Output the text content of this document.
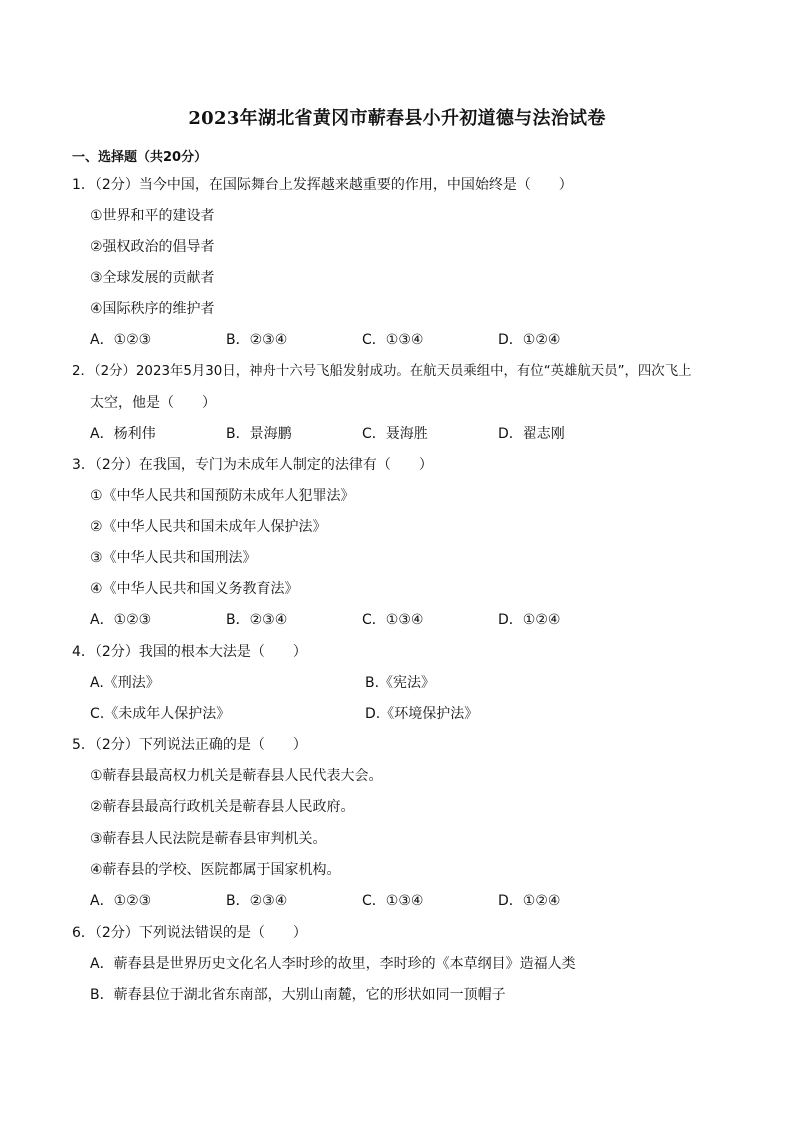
2023年湖北省黄冈市蕲春县小升初道德与法治试卷
一、选择题（共20分）
1．（2分）当今中国，在国际舞台上发挥越来越重要的作用，中国始终是（　　）
①世界和平的建设者
②强权政治的倡导者
③全球发展的贡献者
④国际秩序的维护者
A．①②③	B．②③④	C．①③④	D．①②④
2．（2分）2023年5月30日，神舟十六号飞船发射成功。在航天员乘组中，有位“英雄航天员”，四次飞上
太空，他是（　　）
A．杨利伟	B．景海鹏	C．聂海胜	D．翟志刚
3．（2分）在我国，专门为未成年人制定的法律有（　　）
①《中华人民共和国预防未成年人犯罪法》
②《中华人民共和国未成年人保护法》
③《中华人民共和国刑法》
④《中华人民共和国义务教育法》
A．①②③	B．②③④	C．①③④	D．①②④
4．（2分）我国的根本大法是（　　）
A.《刑法》	B.《宪法》
C.《未成年人保护法》	D.《环境保护法》
5．（2分）下列说法正确的是（　　）
①蕲春县最高权力机关是蕲春县人民代表大会。
②蕲春县最高行政机关是蕲春县人民政府。
③蕲春县人民法院是蕲春县审判机关。
④蕲春县的学校、医院都属于国家机构。
A．①②③	B．②③④	C．①③④	D．①②④
6．（2分）下列说法错误的是（　　）
A．蕲春县是世界历史文化名人李时珍的故里，李时珍的《本草纲目》造福人类
B．蕲春县位于湖北省东南部，大别山南麓，它的形状如同一顶帽子
